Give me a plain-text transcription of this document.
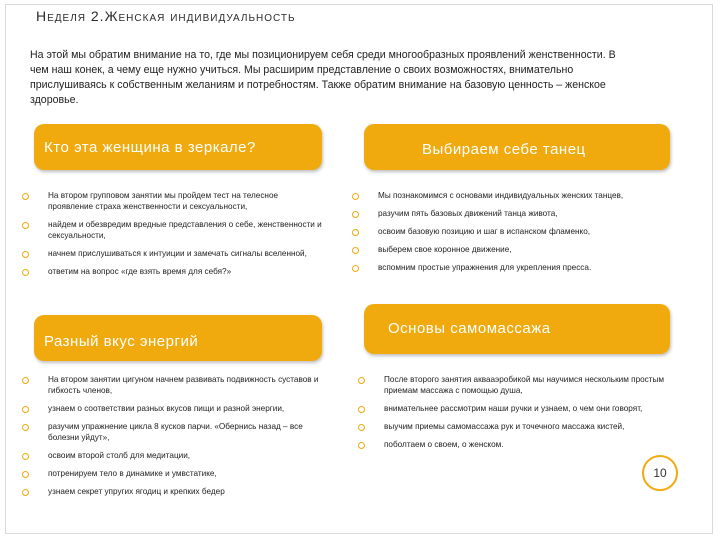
Неделя 2.Женская индивидуальность
На этой мы обратим внимание на то, где мы позиционируем себя среди многообразных проявлений женственности. В чем наш конек, а чему еще нужно учиться. Мы расширим представление о своих возможностях, внимательно прислушиваясь к собственным желаниям и потребностям. Также обратим внимание на базовую ценность – женское здоровье.
Кто эта женщина в зеркале?
На втором групповом занятии мы пройдем тест на телесное проявление страха женственности и сексуальности,
найдем и обезвредим вредные представления о себе, женственности и сексуальности,
начнем прислушиваться к интуиции и замечать сигналы вселенной,
ответим на вопрос «где взять время для себя?»
Выбираем себе танец
Мы познакомимся с основами индивидуальных женских танцев,
разучим пять базовых движений танца живота,
освоим базовую позицию и шаг в испанском фламенко,
выберем свое коронное движение,
вспомним простые упражнения для укрепления пресса.
Разный вкус энергий
На втором занятии цигуном начнем развивать подвижность суставов и гибкость членов,
узнаем о соответствии разных вкусов пищи и разной энергии,
разучим упражнение цикла 8 кусков парчи. «Обернись назад – все болезни уйдут»,
освоим второй столб для медитации,
потренируем тело в динамике и умвстатике,
узнаем секрет упругих ягодиц и крепких бедер
Основы самомассажа
После второго занятия аквааэробикой мы научимся нескольким простым приемам массажа с помощью душа,
внимательнее рассмотрим наши ручки и узнаем, о чем они говорят,
выучим приемы самомассажа рук и точечного массажа кистей,
поболтаем о своем, о женском.
10
